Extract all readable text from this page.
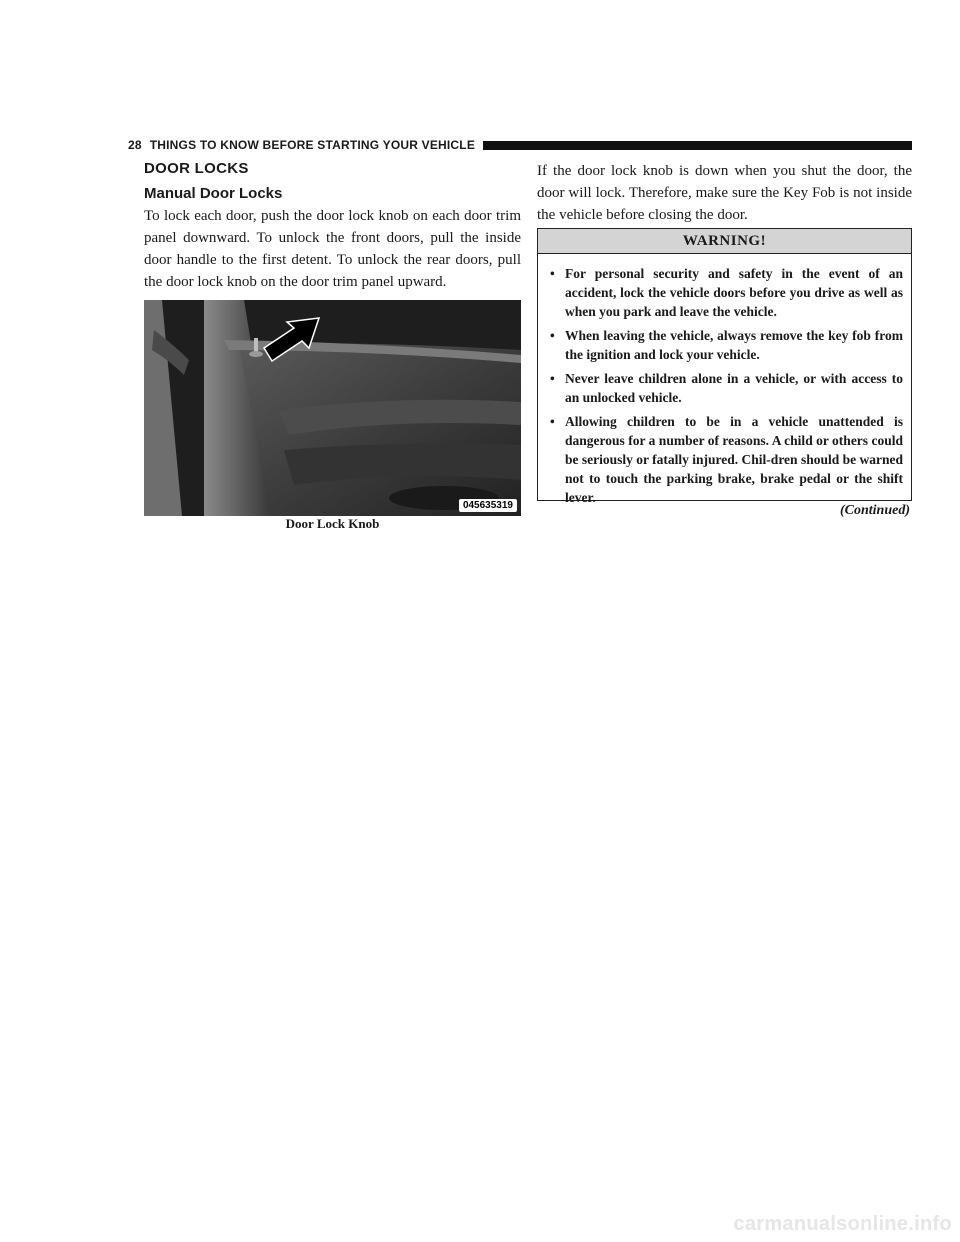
28 THINGS TO KNOW BEFORE STARTING YOUR VEHICLE
DOOR LOCKS
Manual Door Locks

To lock each door, push the door lock knob on each door trim panel downward. To unlock the front doors, pull the inside door handle to the first detent. To unlock the rear doors, pull the door lock knob on the door trim panel upward.

045635319
Door Lock Knob

If the door lock knob is down when you shut the door, the door will lock. Therefore, make sure the Key Fob is not inside the vehicle before closing the door.

WARNING!
• For personal security and safety in the event of an accident, lock the vehicle doors before you drive as well as when you park and leave the vehicle.
• When leaving the vehicle, always remove the key fob from the ignition and lock your vehicle.
• Never leave children alone in a vehicle, or with access to an unlocked vehicle.
• Allowing children to be in a vehicle unattended is dangerous for a number of reasons. A child or others could be seriously or fatally injured. Chil-dren should be warned not to touch the parking brake, brake pedal or the shift lever.
(Continued)
carmanualsonline.info
